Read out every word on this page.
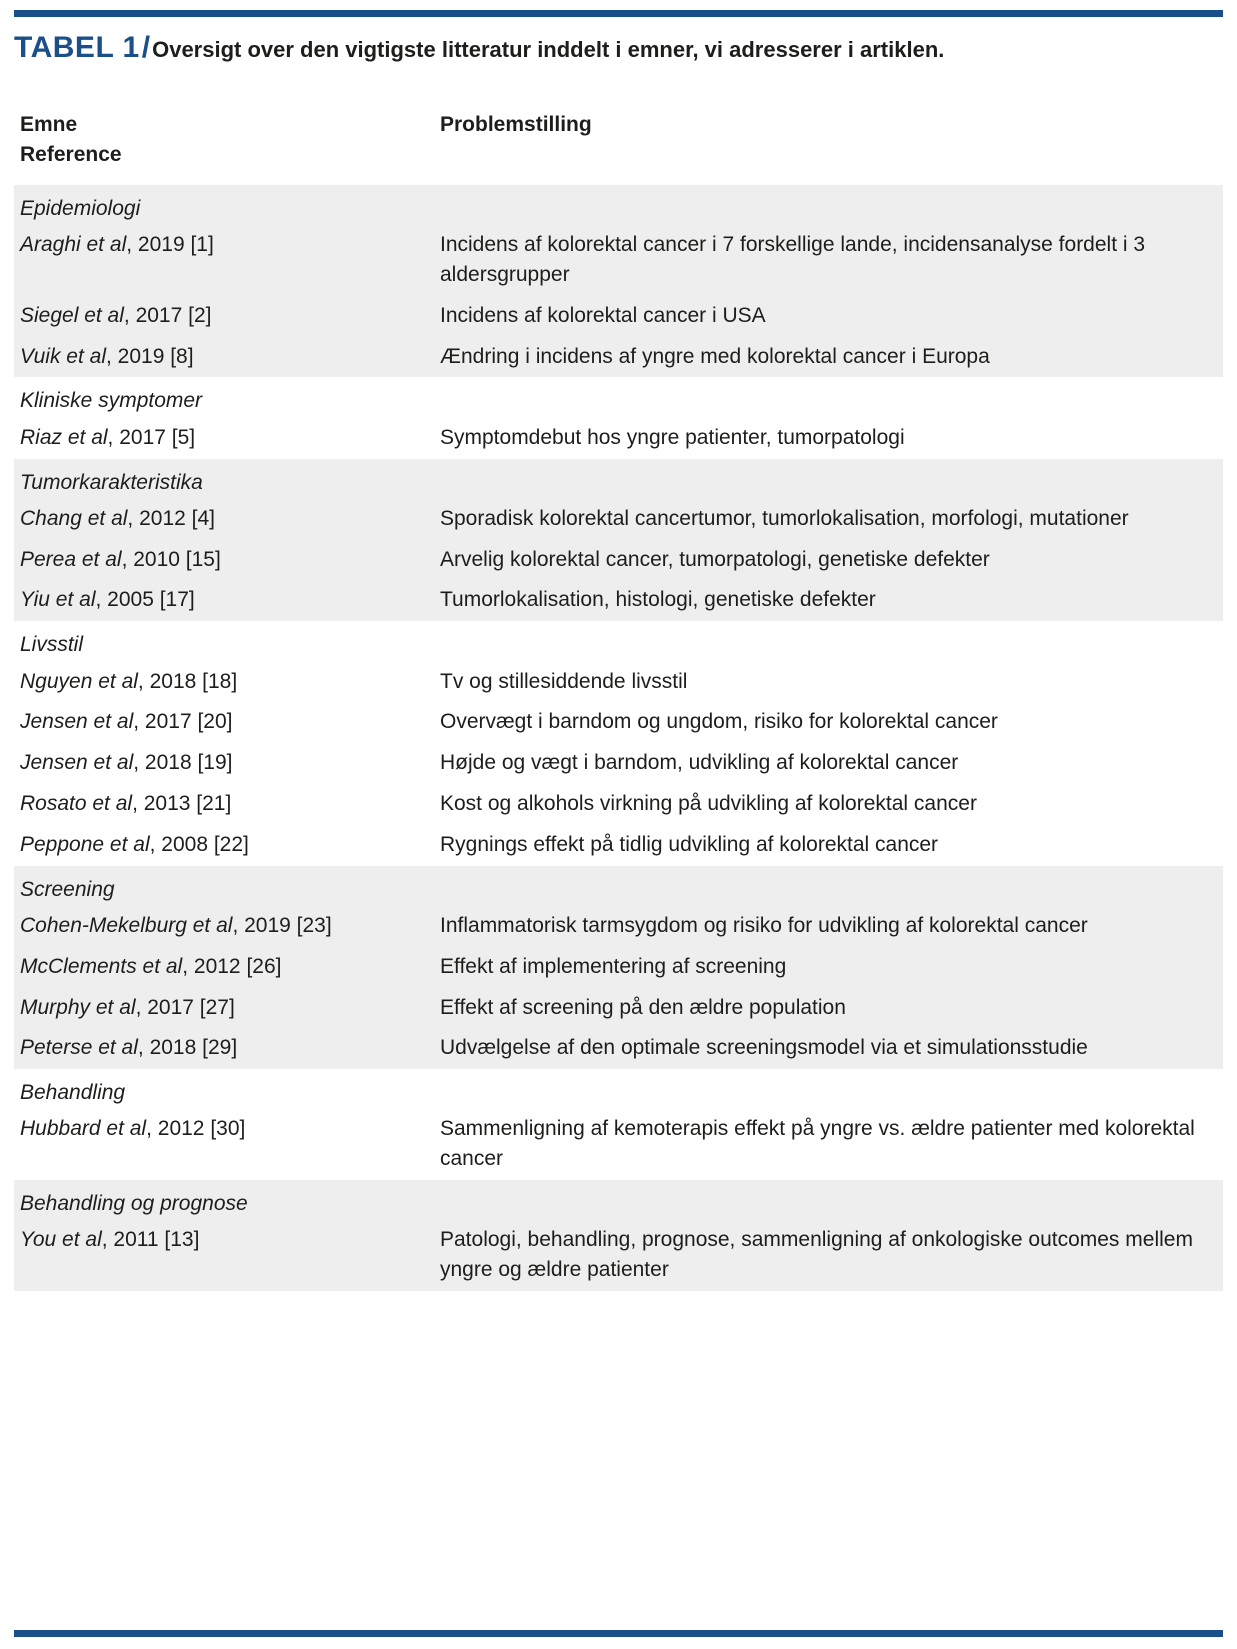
TABEL 1/Oversigt over den vigtigste litteratur inddelt i emner, vi adresserer i artiklen.
Emne
Reference	Problemstilling
Epidemiologi	
Araghi et al, 2019 [1]	Incidens af kolorektal cancer i 7 forskellige lande, incidensanalyse fordelt i 3 aldersgrupper
Siegel et al, 2017 [2]	Incidens af kolorektal cancer i USA
Vuik et al, 2019 [8]	Ændring i incidens af yngre med kolorektal cancer i Europa
Kliniske symptomer	
Riaz et al, 2017 [5]	Symptomdebut hos yngre patienter, tumorpatologi
Tumorkarakteristika	
Chang et al, 2012 [4]	Sporadisk kolorektal cancertumor, tumorlokalisation, morfologi, mutationer
Perea et al, 2010 [15]	Arvelig kolorektal cancer, tumorpatologi, genetiske defekter
Yiu et al, 2005 [17]	Tumorlokalisation, histologi, genetiske defekter
Livsstil	
Nguyen et al, 2018 [18]	Tv og stillesiddende livsstil
Jensen et al, 2017 [20]	Overvægt i barndom og ungdom, risiko for kolorektal cancer
Jensen et al, 2018 [19]	Højde og vægt i barndom, udvikling af kolorektal cancer
Rosato et al, 2013 [21]	Kost og alkohols virkning på udvikling af kolorektal cancer
Peppone et al, 2008 [22]	Rygnings effekt på tidlig udvikling af kolorektal cancer
Screening	
Cohen-Mekelburg et al, 2019 [23]	Inflammatorisk tarmsygdom og risiko for udvikling af kolorektal cancer
McClements et al, 2012 [26]	Effekt af implementering af screening
Murphy et al, 2017 [27]	Effekt af screening på den ældre population
Peterse et al, 2018 [29]	Udvælgelse af den optimale screeningsmodel via et simulationsstudie
Behandling	
Hubbard et al, 2012 [30]	Sammenligning af kemoterapis effekt på yngre vs. ældre patienter med kolorektal cancer
Behandling og prognose	
You et al, 2011 [13]	Patologi, behandling, prognose, sammenligning af onkologiske outcomes mellem yngre og ældre patienter
